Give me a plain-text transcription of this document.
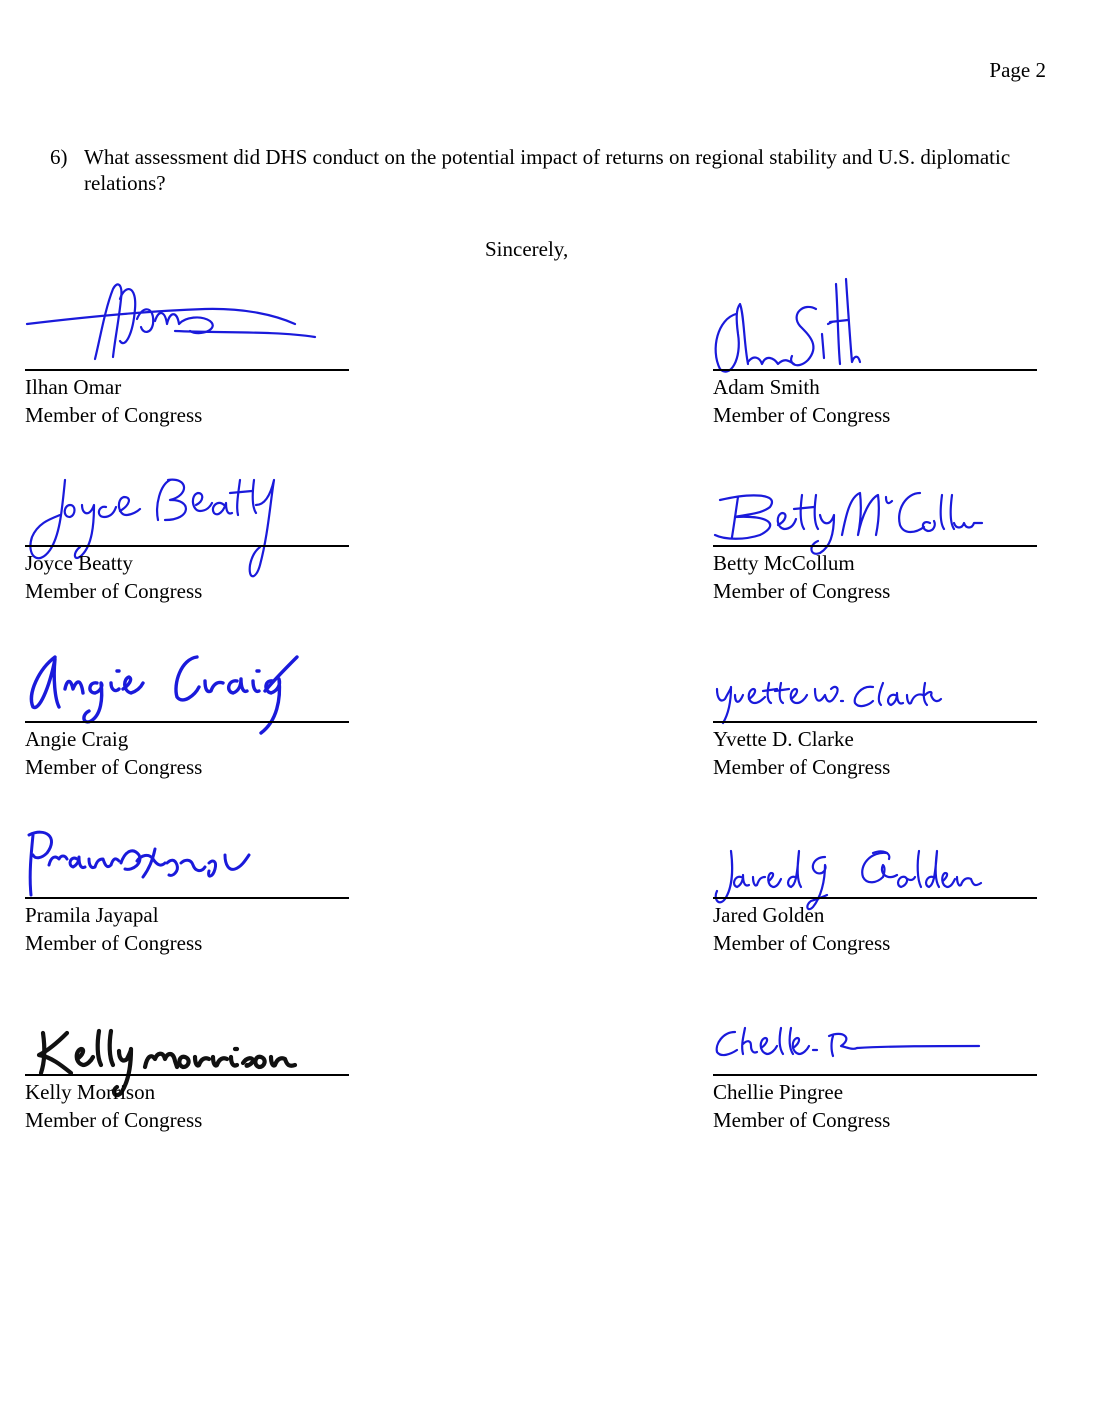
Page 2
6) What assessment did DHS conduct on the potential impact of returns on regional stability and U.S. diplomatic relations?
Sincerely,
Ilhan Omar
Member of Congress
Adam Smith
Member of Congress
Joyce Beatty
Member of Congress
Betty McCollum
Member of Congress
Angie Craig
Member of Congress
Yvette D. Clarke
Member of Congress
Pramila Jayapal
Member of Congress
Jared Golden
Member of Congress
Kelly Morrison
Member of Congress
Chellie Pingree
Member of Congress
